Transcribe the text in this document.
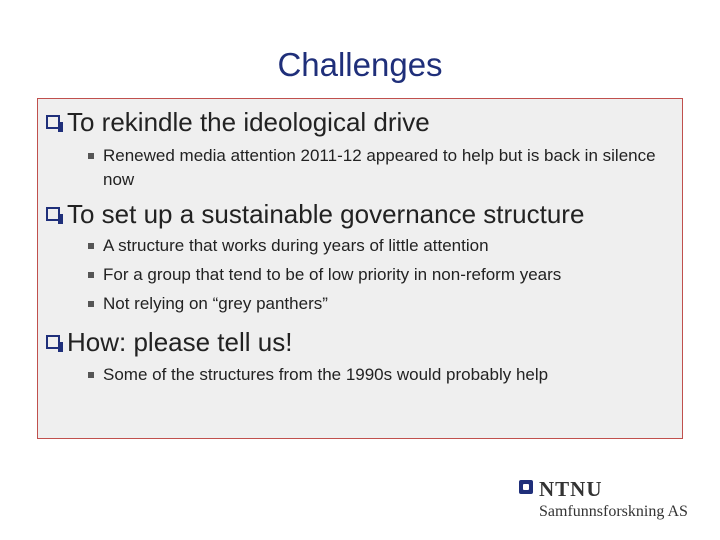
Challenges
To rekindle the ideological drive
Renewed media attention 2011-12 appeared to help but is back in silence now
To set up a sustainable governance structure
A structure that works during years of little attention
For a group that tend to be of low priority in non-reform years
Not relying on “grey panthers”
How: please tell us!
Some of the structures from the 1990s would probably help
NTNU
Samfunnsforskning AS
